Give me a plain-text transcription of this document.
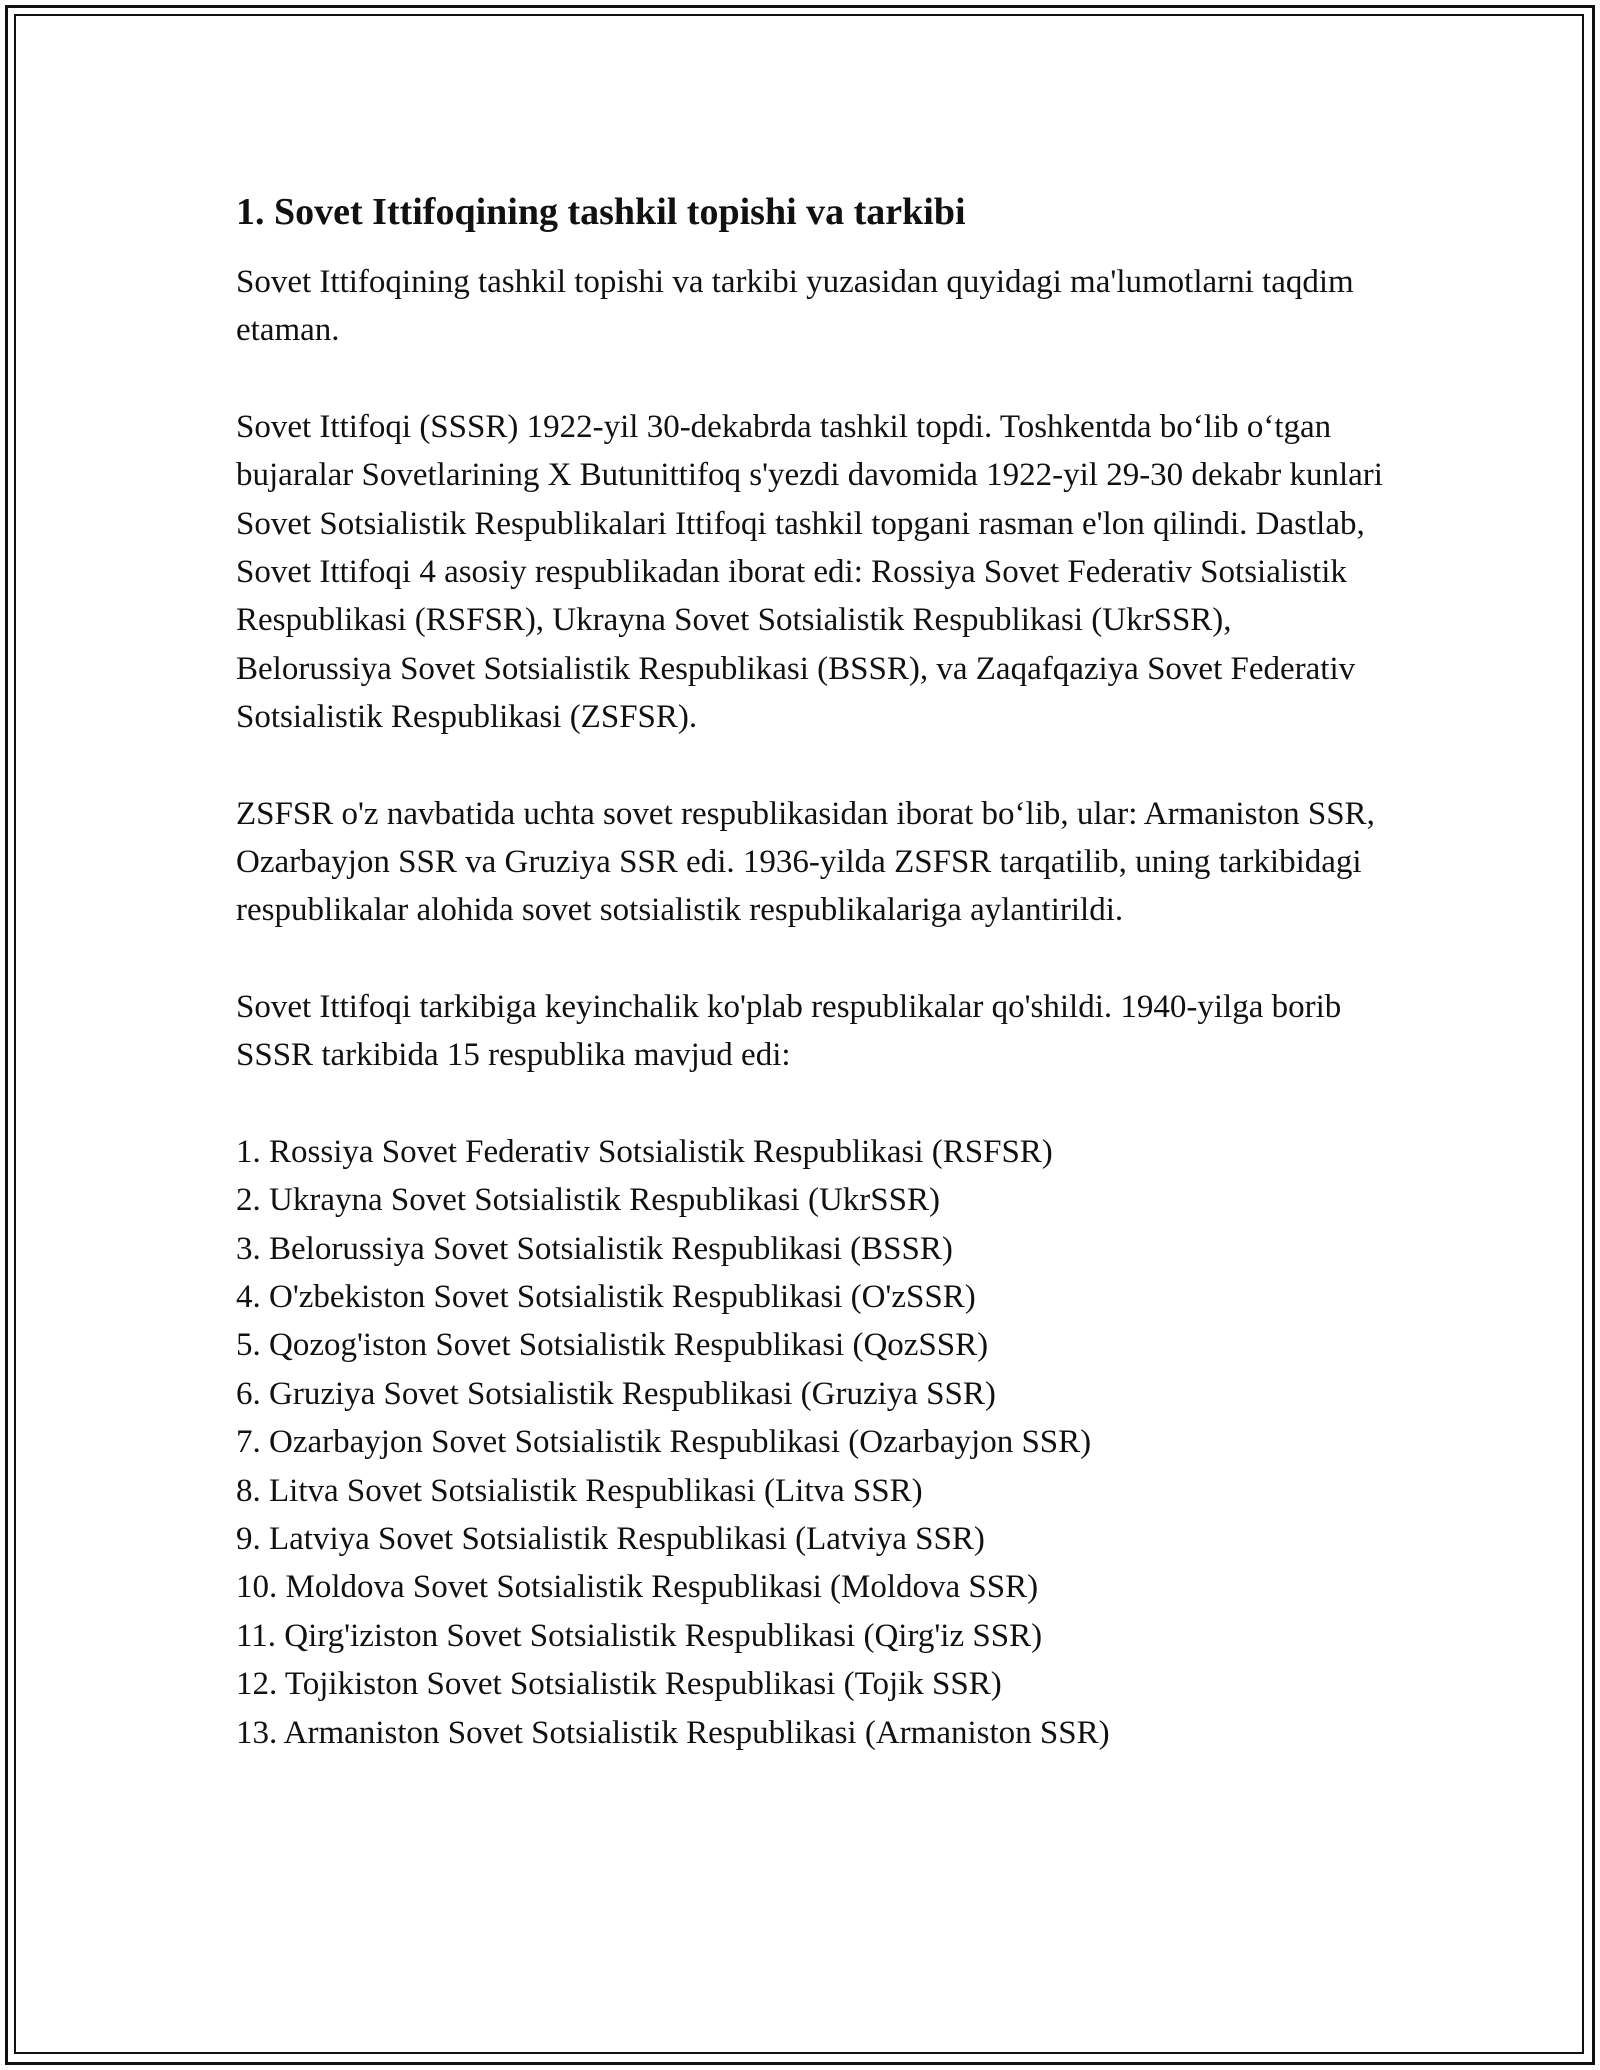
1. Sovet Ittifoqining tashkil topishi va tarkibi

Sovet Ittifoqining tashkil topishi va tarkibi yuzasidan quyidagi ma'lumotlarni taqdim etaman.

Sovet Ittifoqi (SSSR) 1922-yil 30-dekabrda tashkil topdi. Toshkentda bo‘lib o‘tgan bujaralar Sovetlarining X Butunittifoq s'yezdi davomida 1922-yil 29-30 dekabr kunlari Sovet Sotsialistik Respublikalari Ittifoqi tashkil topgani rasman e'lon qilindi. Dastlab, Sovet Ittifoqi 4 asosiy respublikadan iborat edi: Rossiya Sovet Federativ Sotsialistik Respublikasi (RSFSR), Ukrayna Sovet Sotsialistik Respublikasi (UkrSSR), Belorussiya Sovet Sotsialistik Respublikasi (BSSR), va Zaqafqaziya Sovet Federativ Sotsialistik Respublikasi (ZSFSR).

ZSFSR o'z navbatida uchta sovet respublikasidan iborat bo‘lib, ular: Armaniston SSR, Ozarbayjon SSR va Gruziya SSR edi. 1936-yilda ZSFSR tarqatilib, uning tarkibidagi respublikalar alohida sovet sotsialistik respublikalariga aylantirildi.

Sovet Ittifoqi tarkibiga keyinchalik ko'plab respublikalar qo'shildi. 1940-yilga borib SSSR tarkibida 15 respublika mavjud edi:

1. Rossiya Sovet Federativ Sotsialistik Respublikasi (RSFSR)
2. Ukrayna Sovet Sotsialistik Respublikasi (UkrSSR)
3. Belorussiya Sovet Sotsialistik Respublikasi (BSSR)
4. O'zbekiston Sovet Sotsialistik Respublikasi (O'zSSR)
5. Qozog'iston Sovet Sotsialistik Respublikasi (QozSSR)
6. Gruziya Sovet Sotsialistik Respublikasi (Gruziya SSR)
7. Ozarbayjon Sovet Sotsialistik Respublikasi (Ozarbayjon SSR)
8. Litva Sovet Sotsialistik Respublikasi (Litva SSR)
9. Latviya Sovet Sotsialistik Respublikasi (Latviya SSR)
10. Moldova Sovet Sotsialistik Respublikasi (Moldova SSR)
11. Qirg'iziston Sovet Sotsialistik Respublikasi (Qirg'iz SSR)
12. Tojikiston Sovet Sotsialistik Respublikasi (Tojik SSR)
13. Armaniston Sovet Sotsialistik Respublikasi (Armaniston SSR)
